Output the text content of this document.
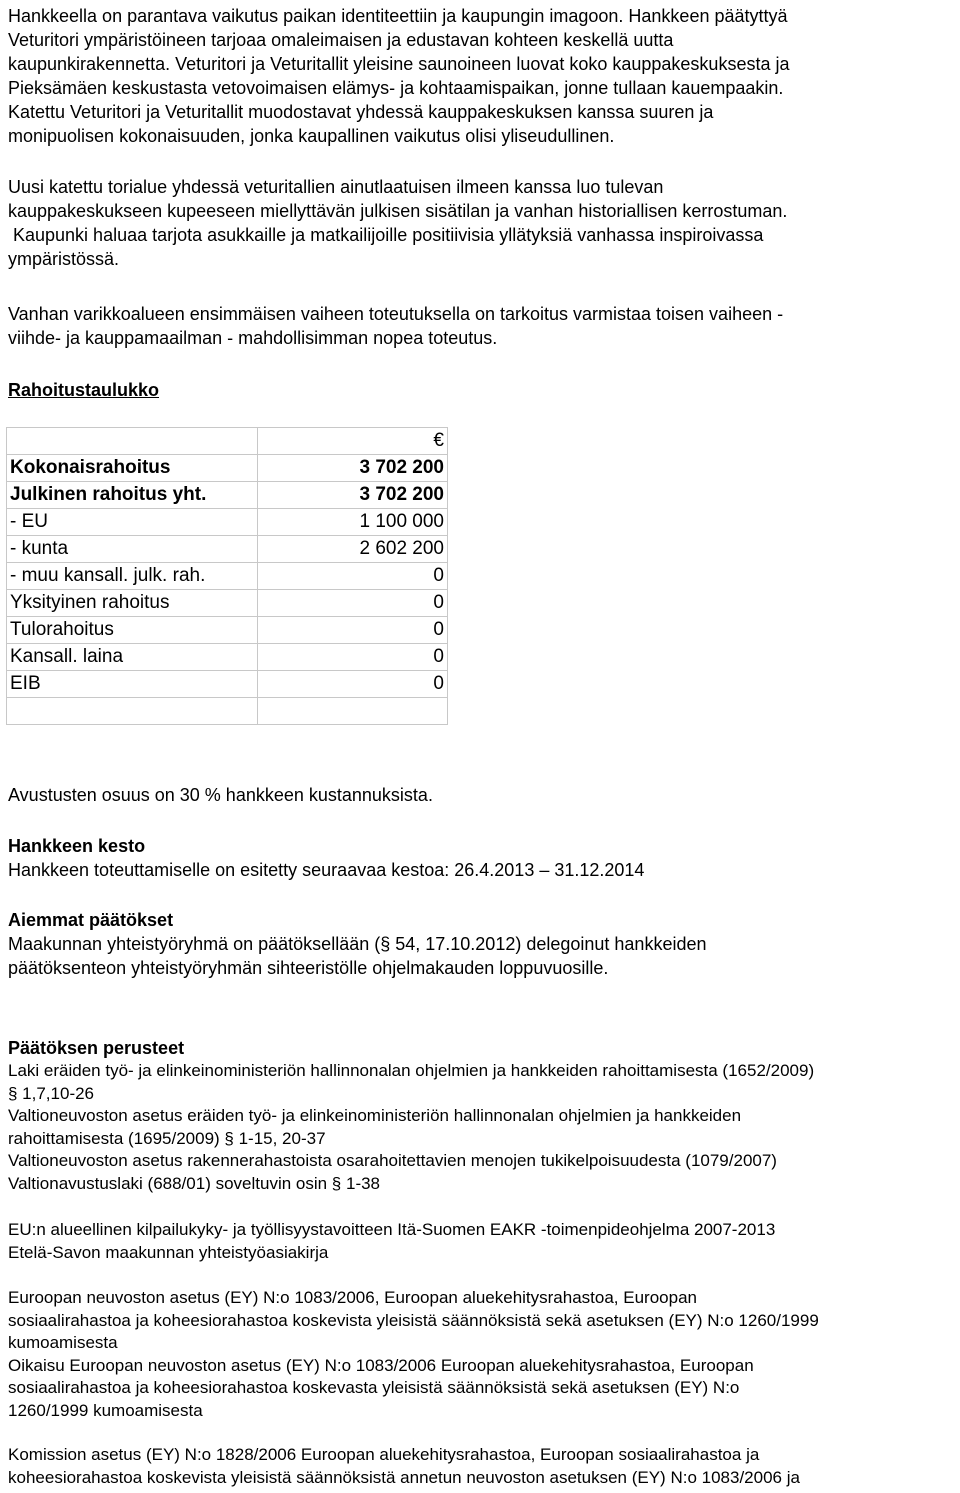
Hankkeella on parantava vaikutus paikan identiteettiin ja kaupungin imagoon. Hankkeen päätyttyä
Veturitori ympäristöineen tarjoaa omaleimaisen ja edustavan kohteen keskellä uutta
kaupunkirakennetta. Veturitori ja Veturitallit yleisine saunoineen luovat koko kauppakeskuksesta ja
Pieksämäen keskustasta vetovoimaisen elämys- ja kohtaamispaikan, jonne tullaan kauempaakin.
Katettu Veturitori ja Veturitallit muodostavat yhdessä kauppakeskuksen kanssa suuren ja
monipuolisen kokonaisuuden, jonka kaupallinen vaikutus olisi yliseudullinen.
Uusi katettu torialue yhdessä veturitallien ainutlaatuisen ilmeen kanssa luo tulevan
kauppakeskukseen kupeeseen miellyttävän julkisen sisätilan ja vanhan historiallisen kerrostuman.
Kaupunki haluaa tarjota asukkaille ja matkailijoille positiivisia yllätyksiä vanhassa inspiroivassa
ympäristössä.
Vanhan varikkoalueen ensimmäisen vaiheen toteutuksella on tarkoitus varmistaa toisen vaiheen -
viihde- ja kauppamaailman - mahdollisimman nopea toteutus.
Rahoitustaulukko
	€
Kokonaisrahoitus	3 702 200
Julkinen rahoitus yht.	3 702 200
- EU	1 100 000
- kunta	2 602 200
- muu kansall. julk. rah.	0
Yksityinen rahoitus	0
Tulorahoitus	0
Kansall. laina	0
EIB	0

Avustusten osuus on 30 % hankkeen kustannuksista.
Hankkeen kesto
Hankkeen toteuttamiselle on esitetty seuraavaa kestoa: 26.4.2013 – 31.12.2014
Aiemmat päätökset
Maakunnan yhteistyöryhmä on päätöksellään (§ 54, 17.10.2012) delegoinut hankkeiden
päätöksenteon yhteistyöryhmän sihteeristölle ohjelmakauden loppuvuosille.
Päätöksen perusteet
Laki eräiden työ- ja elinkeinoministeriön hallinnonalan ohjelmien ja hankkeiden rahoittamisesta (1652/2009)
§ 1,7,10-26
Valtioneuvoston asetus eräiden työ- ja elinkeinoministeriön hallinnonalan ohjelmien ja hankkeiden
rahoittamisesta (1695/2009) § 1-15, 20-37
Valtioneuvoston asetus rakennerahastoista osarahoitettavien menojen tukikelpoisuudesta (1079/2007)
Valtionavustuslaki (688/01) soveltuvin osin § 1-38
EU:n alueellinen kilpailukyky- ja työllisyystavoitteen Itä-Suomen EAKR -toimenpideohjelma 2007-2013
Etelä-Savon maakunnan yhteistyöasiakirja
Euroopan neuvoston asetus (EY) N:o 1083/2006, Euroopan aluekehitysrahastoa, Euroopan
sosiaalirahastoa ja koheesiorahastoa koskevista yleisistä säännöksistä sekä asetuksen (EY) N:o 1260/1999
kumoamisesta
Oikaisu Euroopan neuvoston asetus (EY) N:o 1083/2006 Euroopan aluekehitysrahastoa, Euroopan
sosiaalirahastoa ja koheesiorahastoa koskevasta yleisistä säännöksistä sekä asetuksen (EY) N:o
1260/1999 kumoamisesta
Komission asetus (EY) N:o 1828/2006 Euroopan aluekehitysrahastoa, Euroopan sosiaalirahastoa ja
koheesiorahastoa koskevista yleisistä säännöksistä annetun neuvoston asetuksen (EY) N:o 1083/2006 ja
